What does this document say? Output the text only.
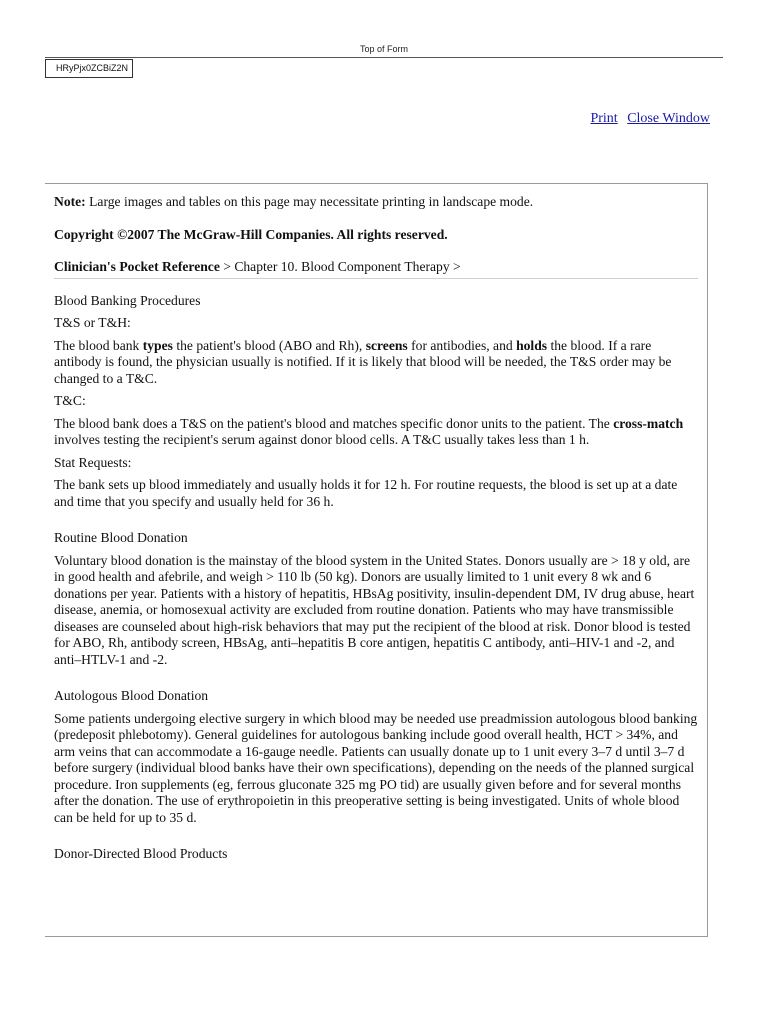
Top of Form
HRyPjx0ZCBiZ2N
Print Close Window

Note: Large images and tables on this page may necessitate printing in landscape mode.

Copyright ©2007 The McGraw-Hill Companies. All rights reserved.

Clinician's Pocket Reference > Chapter 10. Blood Component Therapy >

Blood Banking Procedures

T&S or T&H:

The blood bank types the patient's blood (ABO and Rh), screens for antibodies, and holds the blood. If a rare antibody is found, the physician usually is notified. If it is likely that blood will be needed, the T&S order may be changed to a T&C.

T&C:

The blood bank does a T&S on the patient's blood and matches specific donor units to the patient. The cross-match involves testing the recipient's serum against donor blood cells. A T&C usually takes less than 1 h.

Stat Requests:

The bank sets up blood immediately and usually holds it for 12 h. For routine requests, the blood is set up at a date and time that you specify and usually held for 36 h.

Routine Blood Donation

Voluntary blood donation is the mainstay of the blood system in the United States. Donors usually are > 18 y old, are in good health and afebrile, and weigh > 110 lb (50 kg). Donors are usually limited to 1 unit every 8 wk and 6 donations per year. Patients with a history of hepatitis, HBsAg positivity, insulin-dependent DM, IV drug abuse, heart disease, anemia, or homosexual activity are excluded from routine donation. Patients who may have transmissible diseases are counseled about high-risk behaviors that may put the recipient of the blood at risk. Donor blood is tested for ABO, Rh, antibody screen, HBsAg, anti–hepatitis B core antigen, hepatitis C antibody, anti–HIV-1 and -2, and anti–HTLV-1 and -2.

Autologous Blood Donation

Some patients undergoing elective surgery in which blood may be needed use preadmission autologous blood banking (predeposit phlebotomy). General guidelines for autologous banking include good overall health, HCT > 34%, and arm veins that can accommodate a 16-gauge needle. Patients can usually donate up to 1 unit every 3–7 d until 3–7 d before surgery (individual blood banks have their own specifications), depending on the needs of the planned surgical procedure. Iron supplements (eg, ferrous gluconate 325 mg PO tid) are usually given before and for several months after the donation. The use of erythropoietin in this preoperative setting is being investigated. Units of whole blood can be held for up to 35 d.

Donor-Directed Blood Products
